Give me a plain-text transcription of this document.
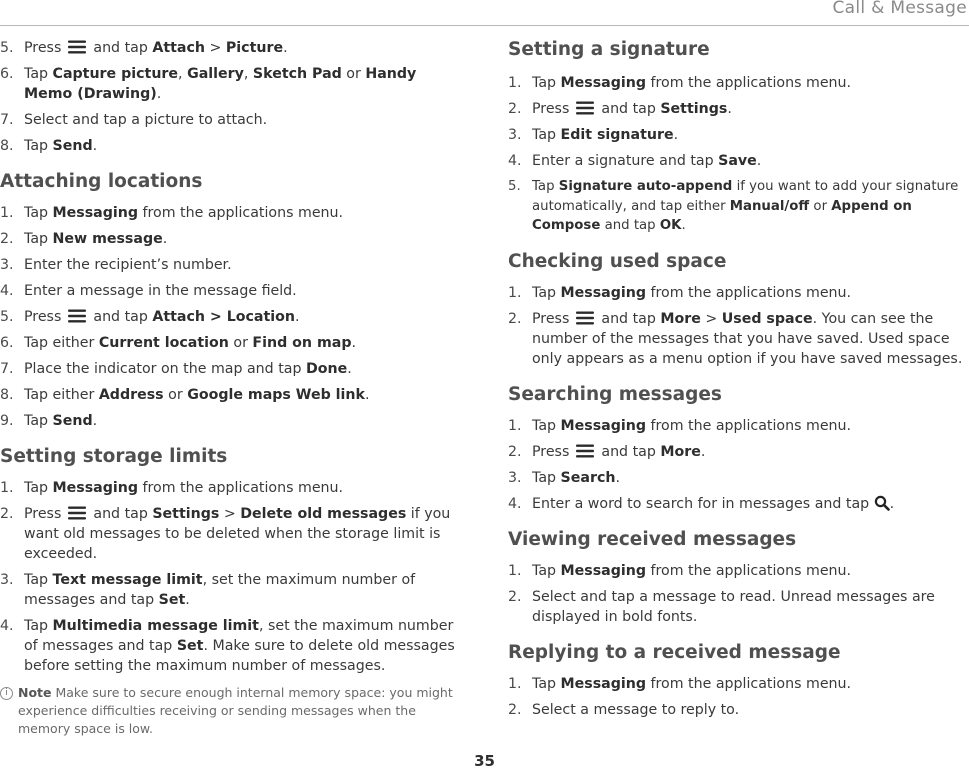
Call & Message
5. Press  and tap Attach > Picture.
6. Tap Capture picture, Gallery, Sketch Pad or Handy Memo (Drawing).
7. Select and tap a picture to attach.
8. Tap Send.
Attaching locations
1. Tap Messaging from the applications menu.
2. Tap New message.
3. Enter the recipient’s number.
4. Enter a message in the message field.
5. Press  and tap Attach > Location.
6. Tap either Current location or Find on map.
7. Place the indicator on the map and tap Done.
8. Tap either Address or Google maps Web link.
9. Tap Send.
Setting storage limits
1. Tap Messaging from the applications menu.
2. Press  and tap Settings > Delete old messages if you want old messages to be deleted when the storage limit is exceeded.
3. Tap Text message limit, set the maximum number of messages and tap Set.
4. Tap Multimedia message limit, set the maximum number of messages and tap Set. Make sure to delete old messages before setting the maximum number of messages.
i Note Make sure to secure enough internal memory space: you might experience difficulties receiving or sending messages when the memory space is low.
Setting a signature
1. Tap Messaging from the applications menu.
2. Press  and tap Settings.
3. Tap Edit signature.
4. Enter a signature and tap Save.
5. Tap Signature auto-append if you want to add your signature automatically, and tap either Manual/off or Append on Compose and tap OK.
Checking used space
1. Tap Messaging from the applications menu.
2. Press  and tap More > Used space. You can see the number of the messages that you have saved. Used space only appears as a menu option if you have saved messages.
Searching messages
1. Tap Messaging from the applications menu.
2. Press  and tap More.
3. Tap Search.
4. Enter a word to search for in messages and tap .
Viewing received messages
1. Tap Messaging from the applications menu.
2. Select and tap a message to read. Unread messages are displayed in bold fonts.
Replying to a received message
1. Tap Messaging from the applications menu.
2. Select a message to reply to.
35
